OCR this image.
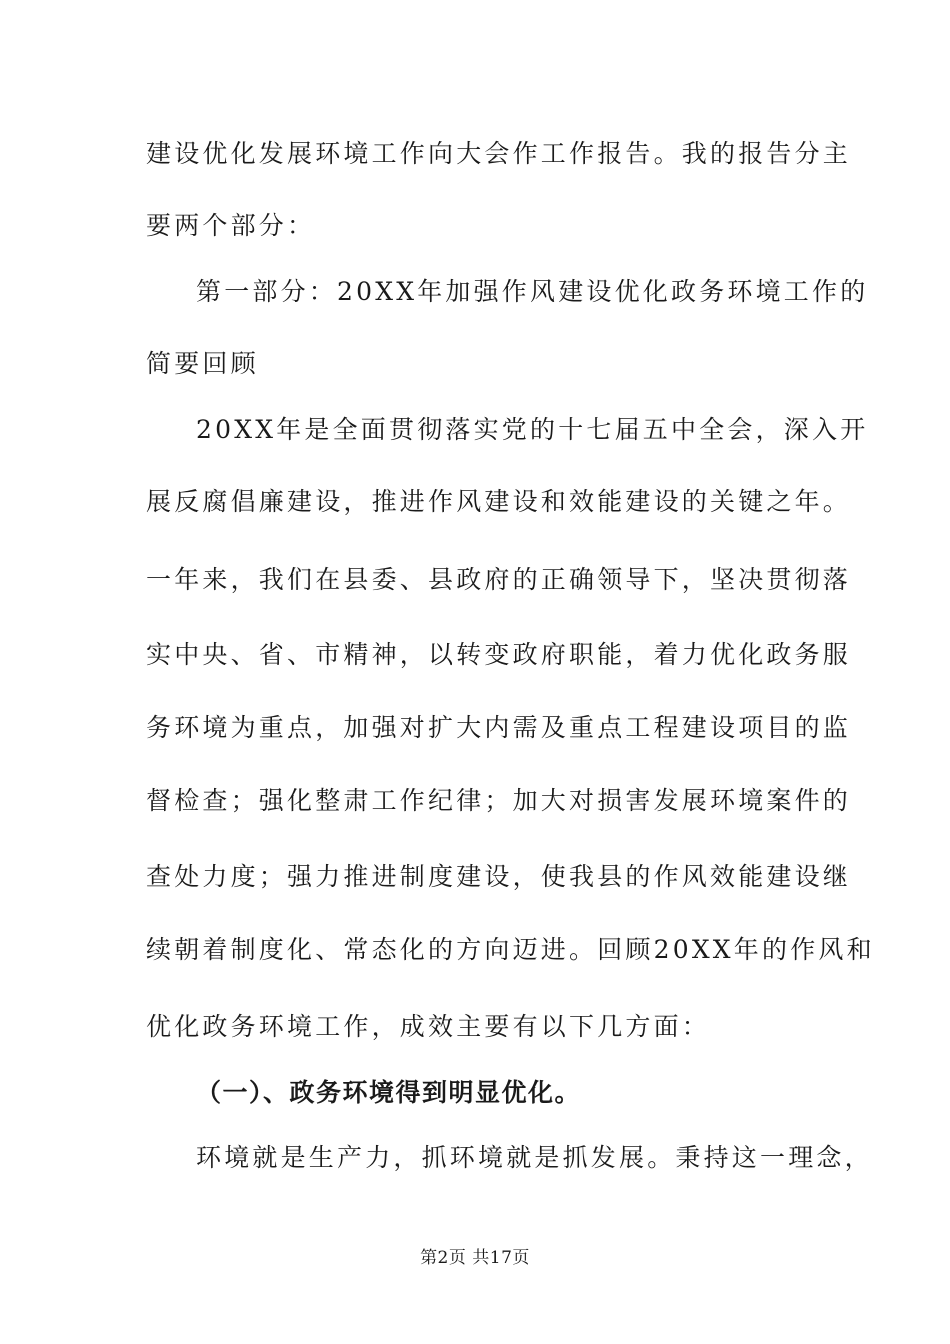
建设优化发展环境工作向大会作工作报告。我的报告分主
要两个部分：
第一部分：20XX年加强作风建设优化政务环境工作的
简要回顾
20XX年是全面贯彻落实党的十七届五中全会，深入开
展反腐倡廉建设，推进作风建设和效能建设的关键之年。
一年来，我们在县委、县政府的正确领导下，坚决贯彻落
实中央、省、市精神，以转变政府职能，着力优化政务服
务环境为重点，加强对扩大内需及重点工程建设项目的监
督检查；强化整肃工作纪律；加大对损害发展环境案件的
查处力度；强力推进制度建设，使我县的作风效能建设继
续朝着制度化、常态化的方向迈进。回顾20XX年的作风和
优化政务环境工作，成效主要有以下几方面：
（一）、政务环境得到明显优化。
环境就是生产力，抓环境就是抓发展。秉持这一理念，
第2页 共17页
